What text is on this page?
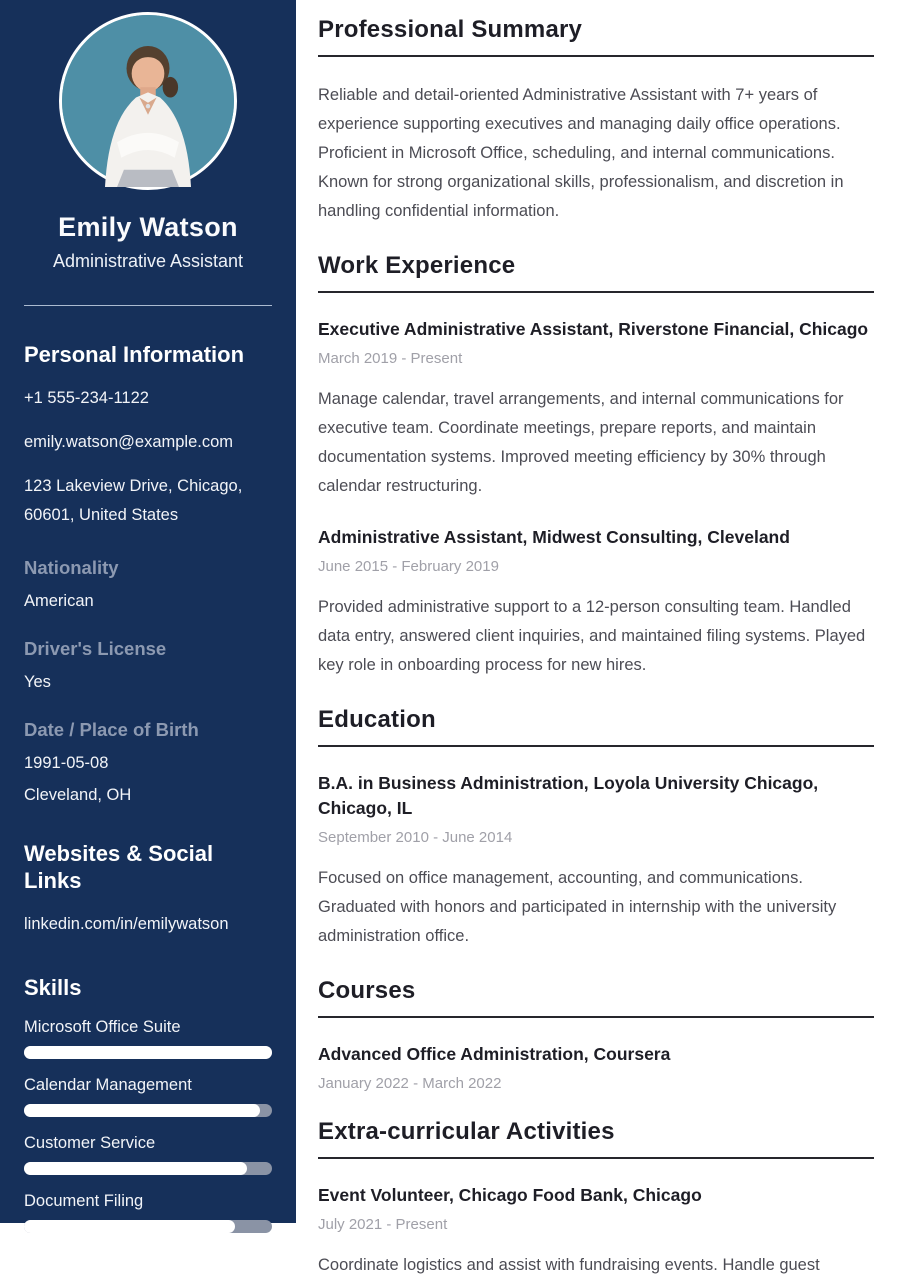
Emily Watson
Administrative Assistant
Personal Information
+1 555-234-1122
emily.watson@example.com
123 Lakeview Drive, Chicago, 60601, United States
Nationality
American
Driver's License
Yes
Date / Place of Birth
1991-05-08
Cleveland, OH
Websites & Social Links
linkedin.com/in/emilywatson
Skills
Microsoft Office Suite
Calendar Management
Customer Service
Document Filing
Professional Summary

Reliable and detail-oriented Administrative Assistant with 7+ years of experience supporting executives and managing daily office operations. Proficient in Microsoft Office, scheduling, and internal communications. Known for strong organizational skills, professionalism, and discretion in handling confidential information.

Work Experience
Executive Administrative Assistant, Riverstone Financial, Chicago
March 2019 - Present

Manage calendar, travel arrangements, and internal communications for executive team. Coordinate meetings, prepare reports, and maintain documentation systems. Improved meeting efficiency by 30% through calendar restructuring.

Administrative Assistant, Midwest Consulting, Cleveland
June 2015 - February 2019

Provided administrative support to a 12-person consulting team. Handled data entry, answered client inquiries, and maintained filing systems. Played key role in onboarding process for new hires.

Education
B.A. in Business Administration, Loyola University Chicago, Chicago, IL
September 2010 - June 2014

Focused on office management, accounting, and communications. Graduated with honors and participated in internship with the university administration office.

Courses
Advanced Office Administration, Coursera
January 2022 - March 2022
Extra-curricular Activities
Event Volunteer, Chicago Food Bank, Chicago
July 2021 - Present

Coordinate logistics and assist with fundraising events. Handle guest
